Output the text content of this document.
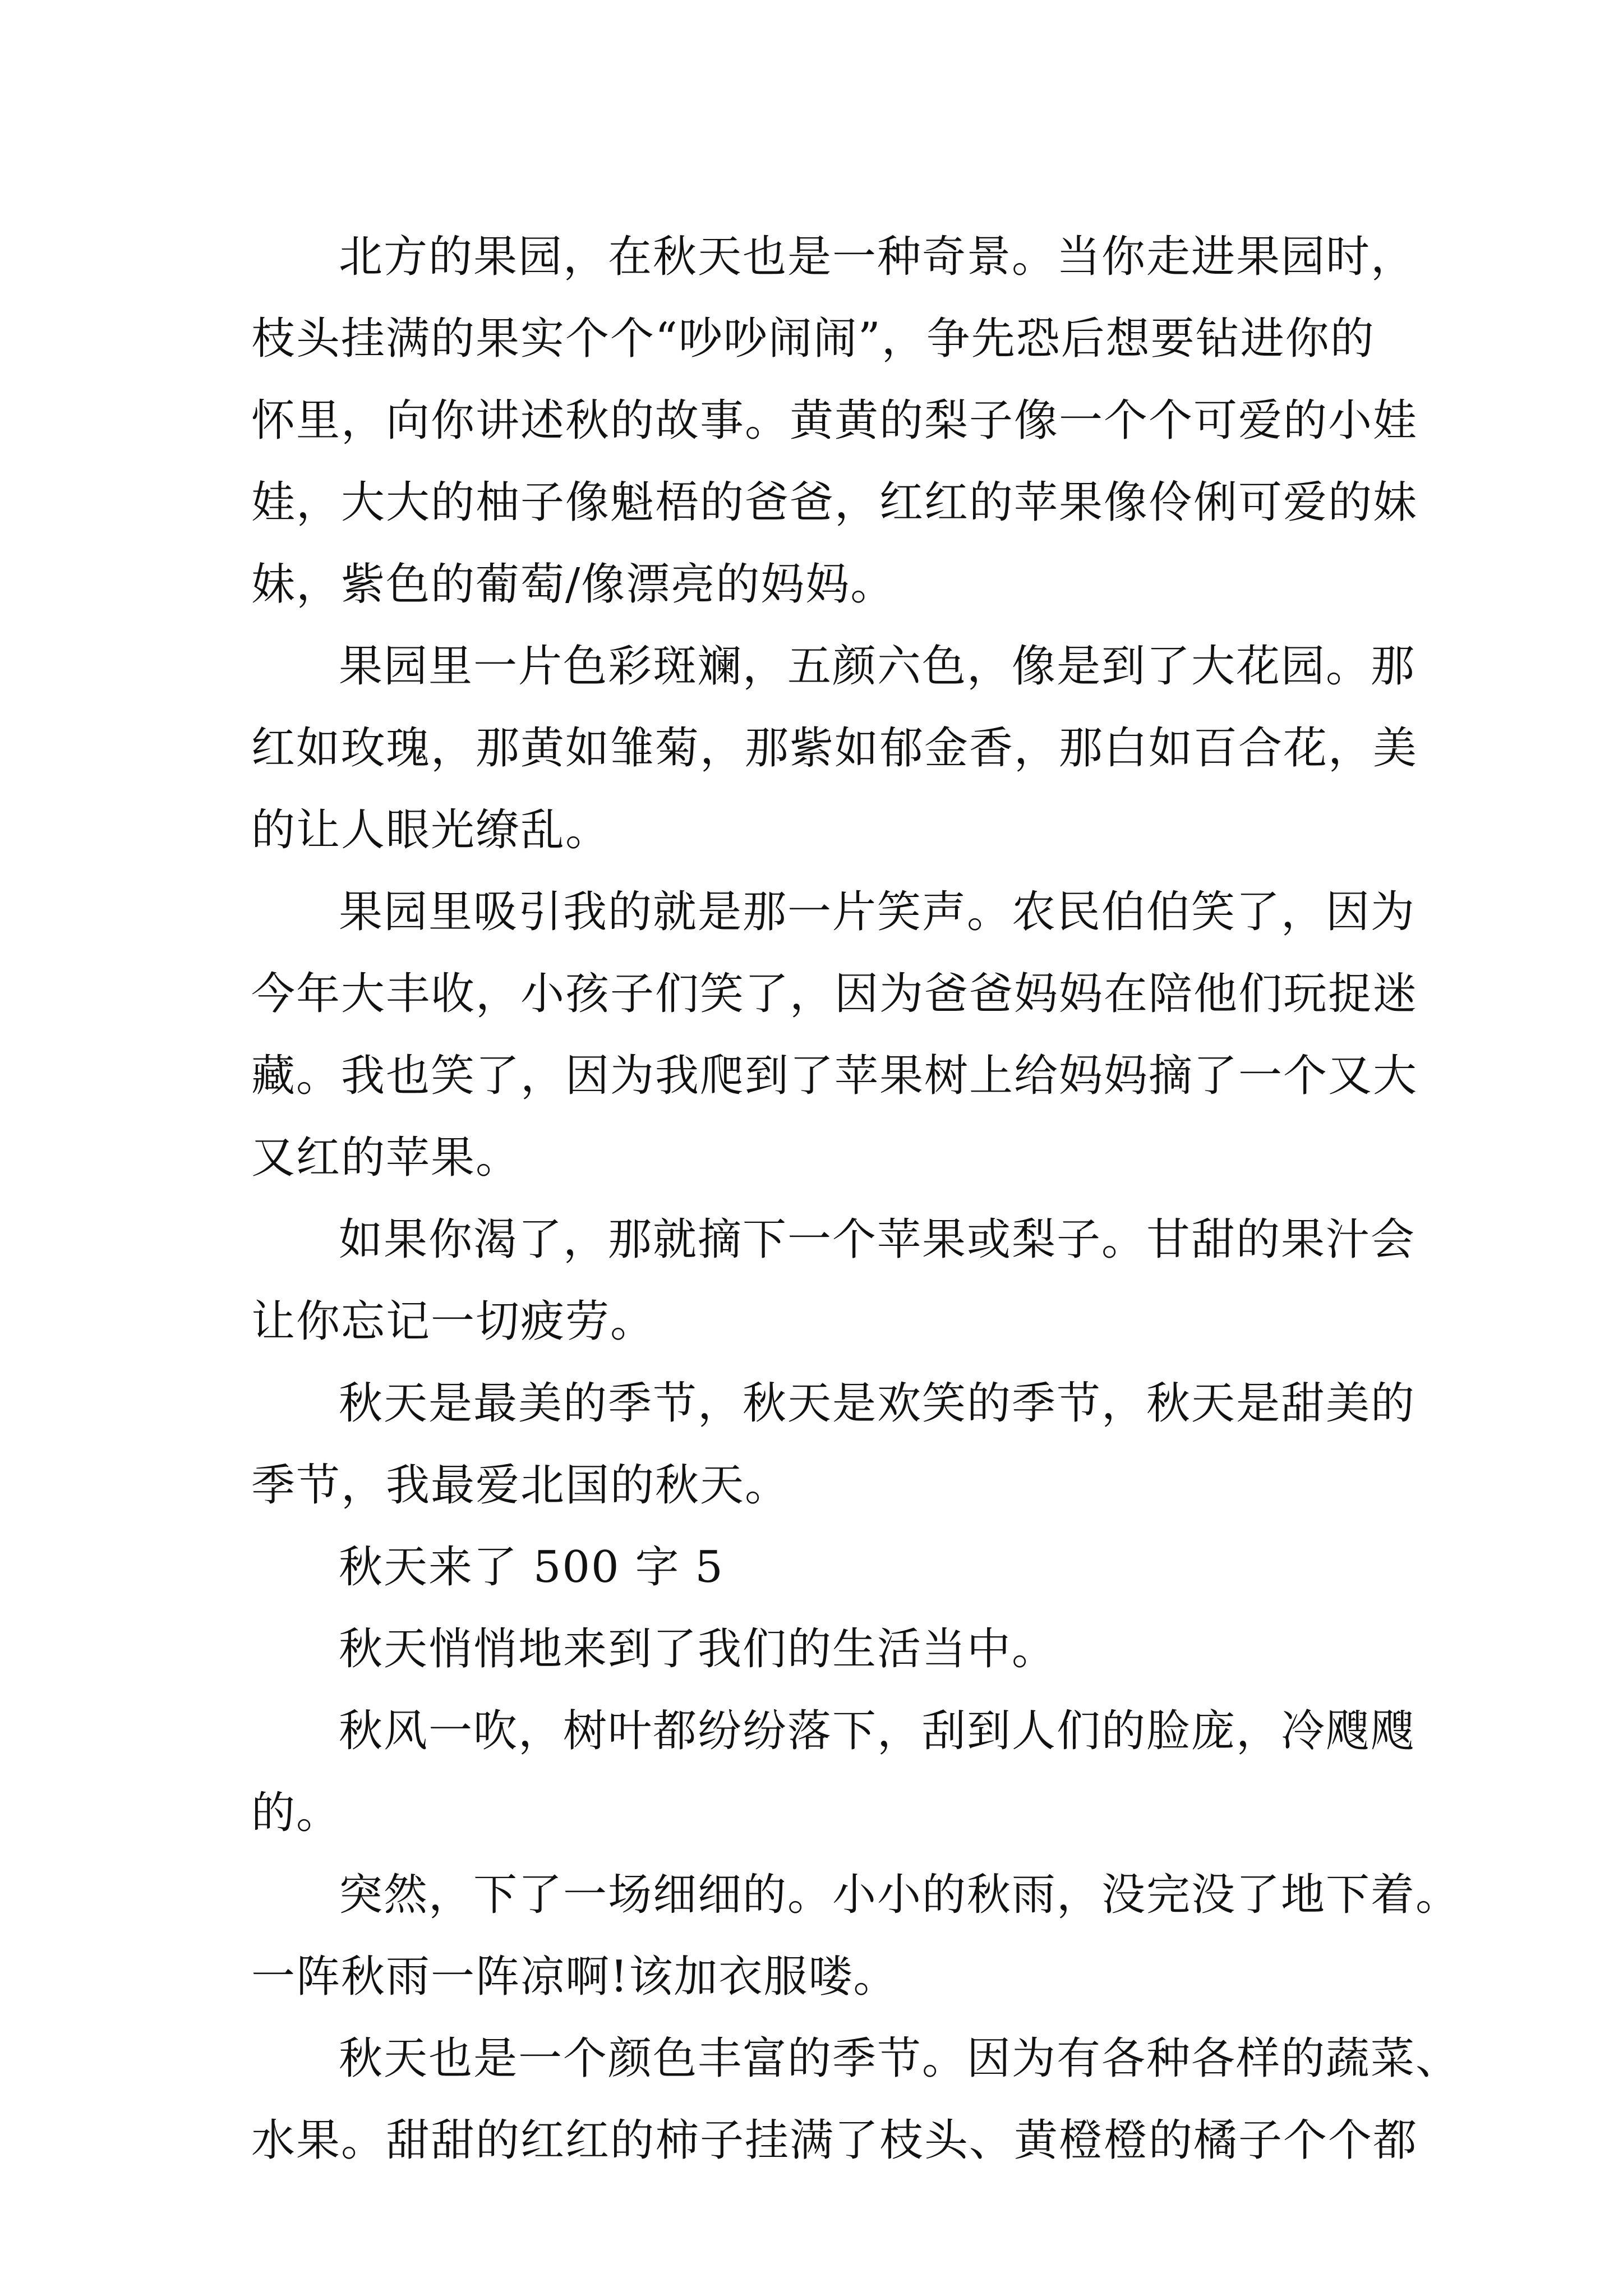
北方的果园，在秋天也是一种奇景。当你走进果园时，
枝头挂满的果实个个“吵吵闹闹”，争先恐后想要钻进你的
怀里，向你讲述秋的故事。黄黄的梨子像一个个可爱的小娃
娃，大大的柚子像魁梧的爸爸，红红的苹果像伶俐可爱的妹
妹，紫色的葡萄/像漂亮的妈妈。
果园里一片色彩斑斓，五颜六色，像是到了大花园。那
红如玫瑰，那黄如雏菊，那紫如郁金香，那白如百合花，美
的让人眼光缭乱。
果园里吸引我的就是那一片笑声。农民伯伯笑了，因为
今年大丰收，小孩子们笑了，因为爸爸妈妈在陪他们玩捉迷
藏。我也笑了，因为我爬到了苹果树上给妈妈摘了一个又大
又红的苹果。
如果你渴了，那就摘下一个苹果或梨子。甘甜的果汁会
让你忘记一切疲劳。
秋天是最美的季节，秋天是欢笑的季节，秋天是甜美的
季节，我最爱北国的秋天。
秋天来了 500 字 5
秋天悄悄地来到了我们的生活当中。
秋风一吹，树叶都纷纷落下，刮到人们的脸庞，冷飕飕
的。
突然，下了一场细细的。小小的秋雨，没完没了地下着。
一阵秋雨一阵凉啊!该加衣服喽。
秋天也是一个颜色丰富的季节。因为有各种各样的蔬菜、
水果。甜甜的红红的柿子挂满了枝头、黄橙橙的橘子个个都
